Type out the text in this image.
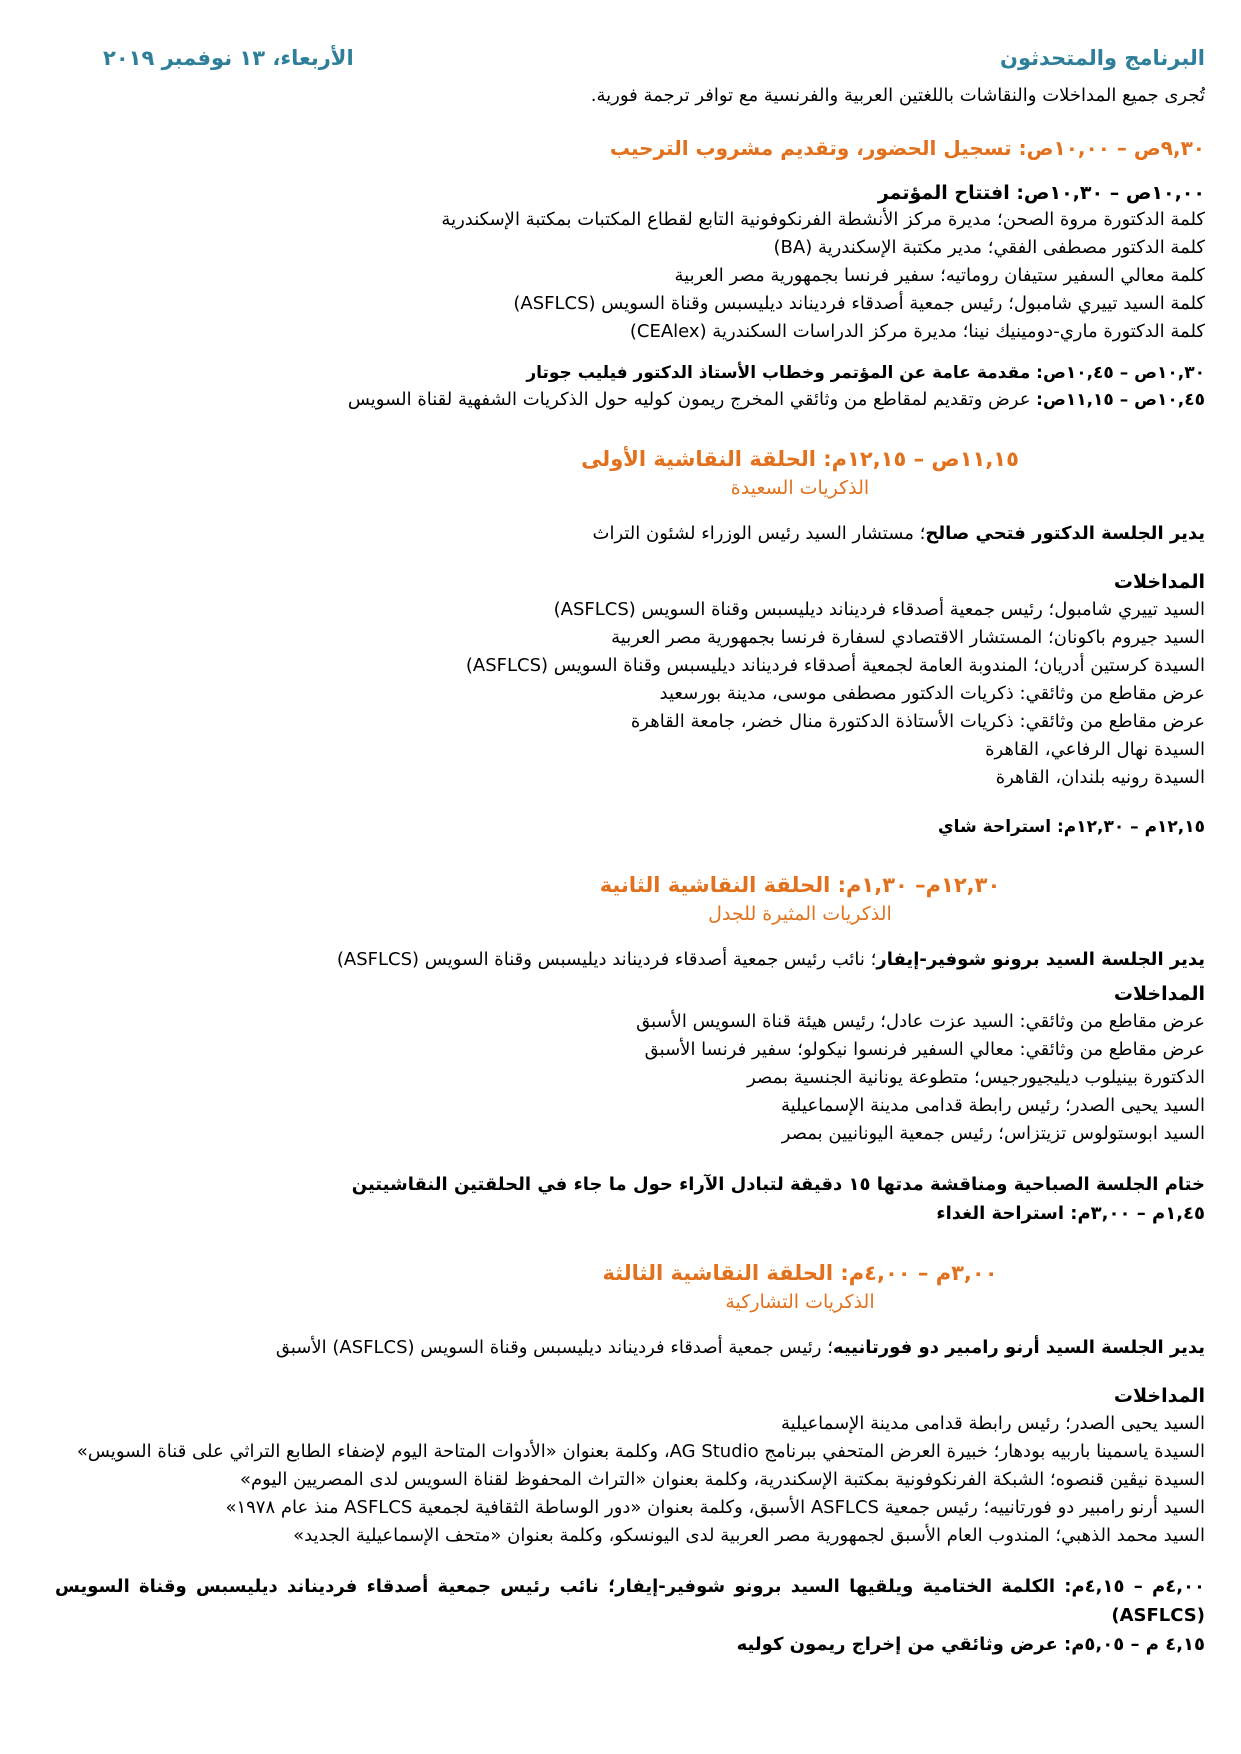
البرنامج والمتحدثون
الأربعاء، ١٣ نوفمبر ٢٠١٩
تُجرى جميع المداخلات والنقاشات باللغتين العربية والفرنسية مع توافر ترجمة فورية.
٩,٣٠ص – ١٠,٠٠ص: تسجيل الحضور، وتقديم مشروب الترحيب
١٠,٠٠ص – ١٠,٣٠ص: افتتاح المؤتمر
كلمة الدكتورة مروة الصحن؛ مديرة مركز الأنشطة الفرنكوفونية التابع لقطاع المكتبات بمكتبة الإسكندرية
كلمة الدكتور مصطفى الفقي؛ مدير مكتبة الإسكندرية (BA)
كلمة معالي السفير ستيفان روماتيه؛ سفير فرنسا بجمهورية مصر العربية
كلمة السيد تييري شامبول؛ رئيس جمعية أصدقاء فرديناند ديليسبس وقناة السويس (ASFLCS)
كلمة الدكتورة ماري-دومينيك نينا؛ مديرة مركز الدراسات السكندرية (CEAlex)
١٠,٣٠ص – ١٠,٤٥ص: مقدمة عامة عن المؤتمر وخطاب الأستاذ الدكتور فيليب جوتار
١٠,٤٥ص – ١١,١٥ص: عرض وتقديم لمقاطع من وثائقي المخرج ريمون كوليه حول الذكريات الشفهية لقناة السويس
١١,١٥ص – ١٢,١٥م: الحلقة النقاشية الأولى
الذكريات السعيدة
يدير الجلسة الدكتور فتحي صالح؛ مستشار السيد رئيس الوزراء لشئون التراث
المداخلات
السيد تييري شامبول؛ رئيس جمعية أصدقاء فرديناند ديليسبس وقناة السويس (ASFLCS)
السيد جيروم باكونان؛ المستشار الاقتصادي لسفارة فرنسا بجمهورية مصر العربية
السيدة كرستين أدريان؛ المندوبة العامة لجمعية أصدقاء فرديناند ديليسبس وقناة السويس (ASFLCS)
عرض مقاطع من وثائقي: ذكريات الدكتور مصطفى موسى، مدينة بورسعيد
عرض مقاطع من وثائقي: ذكريات الأستاذة الدكتورة منال خضر، جامعة القاهرة
السيدة نهال الرفاعي، القاهرة
السيدة رونيه بلندان، القاهرة
١٢,١٥م – ١٢,٣٠م: استراحة شاي
١٢,٣٠م– ١,٣٠م: الحلقة النقاشية الثانية
الذكريات المثيرة للجدل
يدير الجلسة السيد برونو شوفير-إيفار؛ نائب رئيس جمعية أصدقاء فرديناند ديليسبس وقناة السويس (ASFLCS)
المداخلات
عرض مقاطع من وثائقي: السيد عزت عادل؛ رئيس هيئة قناة السويس الأسبق
عرض مقاطع من وثائقي: معالي السفير فرنسوا نيكولو؛ سفير فرنسا الأسبق
الدكتورة بينيلوب ديليجيورجيس؛ متطوعة يونانية الجنسية بمصر
السيد يحيى الصدر؛ رئيس رابطة قدامى مدينة الإسماعيلية
السيد ابوستولوس تزيتزاس؛ رئيس جمعية اليونانيين بمصر
ختام الجلسة الصباحية ومناقشة مدتها ١٥ دقيقة لتبادل الآراء حول ما جاء في الحلقتين النقاشيتين
١,٤٥م – ٣,٠٠م: استراحة الغداء
٣,٠٠م – ٤,٠٠م: الحلقة النقاشية الثالثة
الذكريات التشاركية
يدير الجلسة السيد أرنو رامبير دو فورتانييه؛ رئيس جمعية أصدقاء فرديناند ديليسبس وقناة السويس (ASFLCS) الأسبق
المداخلات
السيد يحيى الصدر؛ رئيس رابطة قدامى مدينة الإسماعيلية
السيدة ياسمينا باربيه بودهار؛ خبيرة العرض المتحفي ببرنامج AG Studio، وكلمة بعنوان «الأدوات المتاحة اليوم لإضفاء الطابع التراثي على قناة السويس»
السيدة نيڤين قنصوه؛ الشبكة الفرنكوفونية بمكتبة الإسكندرية، وكلمة بعنوان «التراث المحفوظ لقناة السويس لدى المصريين اليوم»
السيد أرنو رامبير دو فورتانييه؛ رئيس جمعية ASFLCS الأسبق، وكلمة بعنوان «دور الوساطة الثقافية لجمعية ASFLCS منذ عام ١٩٧٨»
السيد محمد الذهبي؛ المندوب العام الأسبق لجمهورية مصر العربية لدى اليونسكو، وكلمة بعنوان «متحف الإسماعيلية الجديد»
٤,٠٠م – ٤,١٥م: الكلمة الختامية ويلقيها السيد برونو شوفير-إيفار؛ نائب رئيس جمعية أصدقاء فرديناند ديليسبس وقناة السويس (ASFLCS)
٤,١٥ م – ٥,٠٥م: عرض وثائقي من إخراج ريمون كوليه
